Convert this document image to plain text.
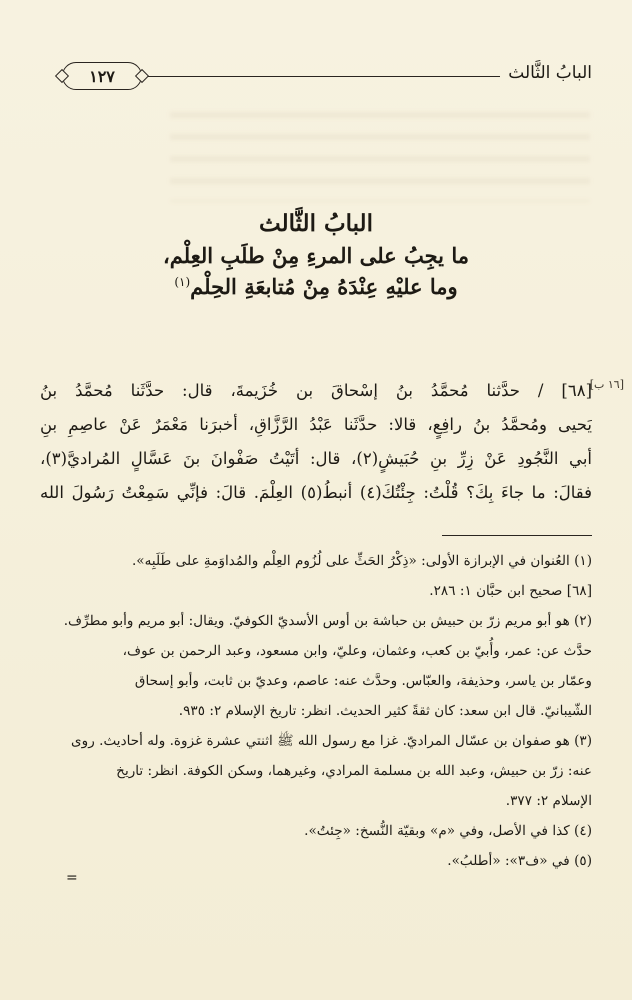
١٢٧	البابُ الثَّالث
البابُ الثَّالث
ما يجِبُ على المرءِ مِنْ طلَبِ العِلْم،
وما عليْهِ عِنْدَهُ مِنْ مُتابعَةِ الحِلْم$^{(١)}$
[١٦ ب]
[٦٨] / حدَّثنا مُحمَّدُ بنُ إسْحاقَ بن خُزَيمةَ، قال: حدَّثَنا مُحمَّدُ بنُ
يَحيى ومُحمَّدُ بنُ رافِعٍ، قالا: حدَّثَنا عَبْدُ الرَّزَّاقِ، أخبرَنا مَعْمَرٌ عَنْ عاصِمِ بنِ
أبي النَّجُودِ عَنْ زِرِّ بنِ حُبَيشٍ(٢)، قال: أتَيْتُ صَفْوانَ بنَ عَسَّالٍ المُراديَّ(٣)،
فقالَ: ما جاءَ بِكَ؟ قُلْتُ: جِئْتُكَ(٤) أنبطُ(٥) العِلْمَ. قالَ: فإنِّي سَمِعْتُ رَسُولَ الله
(١) العُنوان في الإبرازة الأولى: «ذِكْرُ الحَثِّ على لُزُوم العِلْم والمُداوَمةِ على طَلَبِه».
[٦٨] صحيح ابن حبَّان ١: ٢٨٦.
(٢) هو أبو مريم زرّ بن حبيش بن حباشة بن أوس الأسديّ الكوفيّ. ويقال: أبو مريم وأبو مطرِّف.
حدَّث عن: عمر، وأُبيّ بن كعب، وعثمان، وعليّ، وابن مسعود، وعبد الرحمن بن عوف،
وعمّار بن ياسر، وحذيفة، والعبّاس. وحدَّث عنه: عاصم، وعديّ بن ثابت، وأبو إسحاق
الشّيبانيّ. قال ابن سعد: كان ثقةً كثير الحديث. انظر: تاريخ الإسلام ٢: ٩٣٥.
(٣) هو صفوان بن عسّال المراديّ. غزا مع رسول الله ﷺ اثنتي عشرة غزوة. وله أحاديث. روى
عنه: زرّ بن حبيش، وعبد الله بن مسلمة المرادي، وغيرهما، وسكن الكوفة. انظر: تاريخ
الإسلام ٢: ٣٧٧.
(٤) كذا في الأصل، وفي «م» وبقيّة النُّسخ: «جِئتُ».
(٥) في «ف٣»: «أطلبُ».
=
